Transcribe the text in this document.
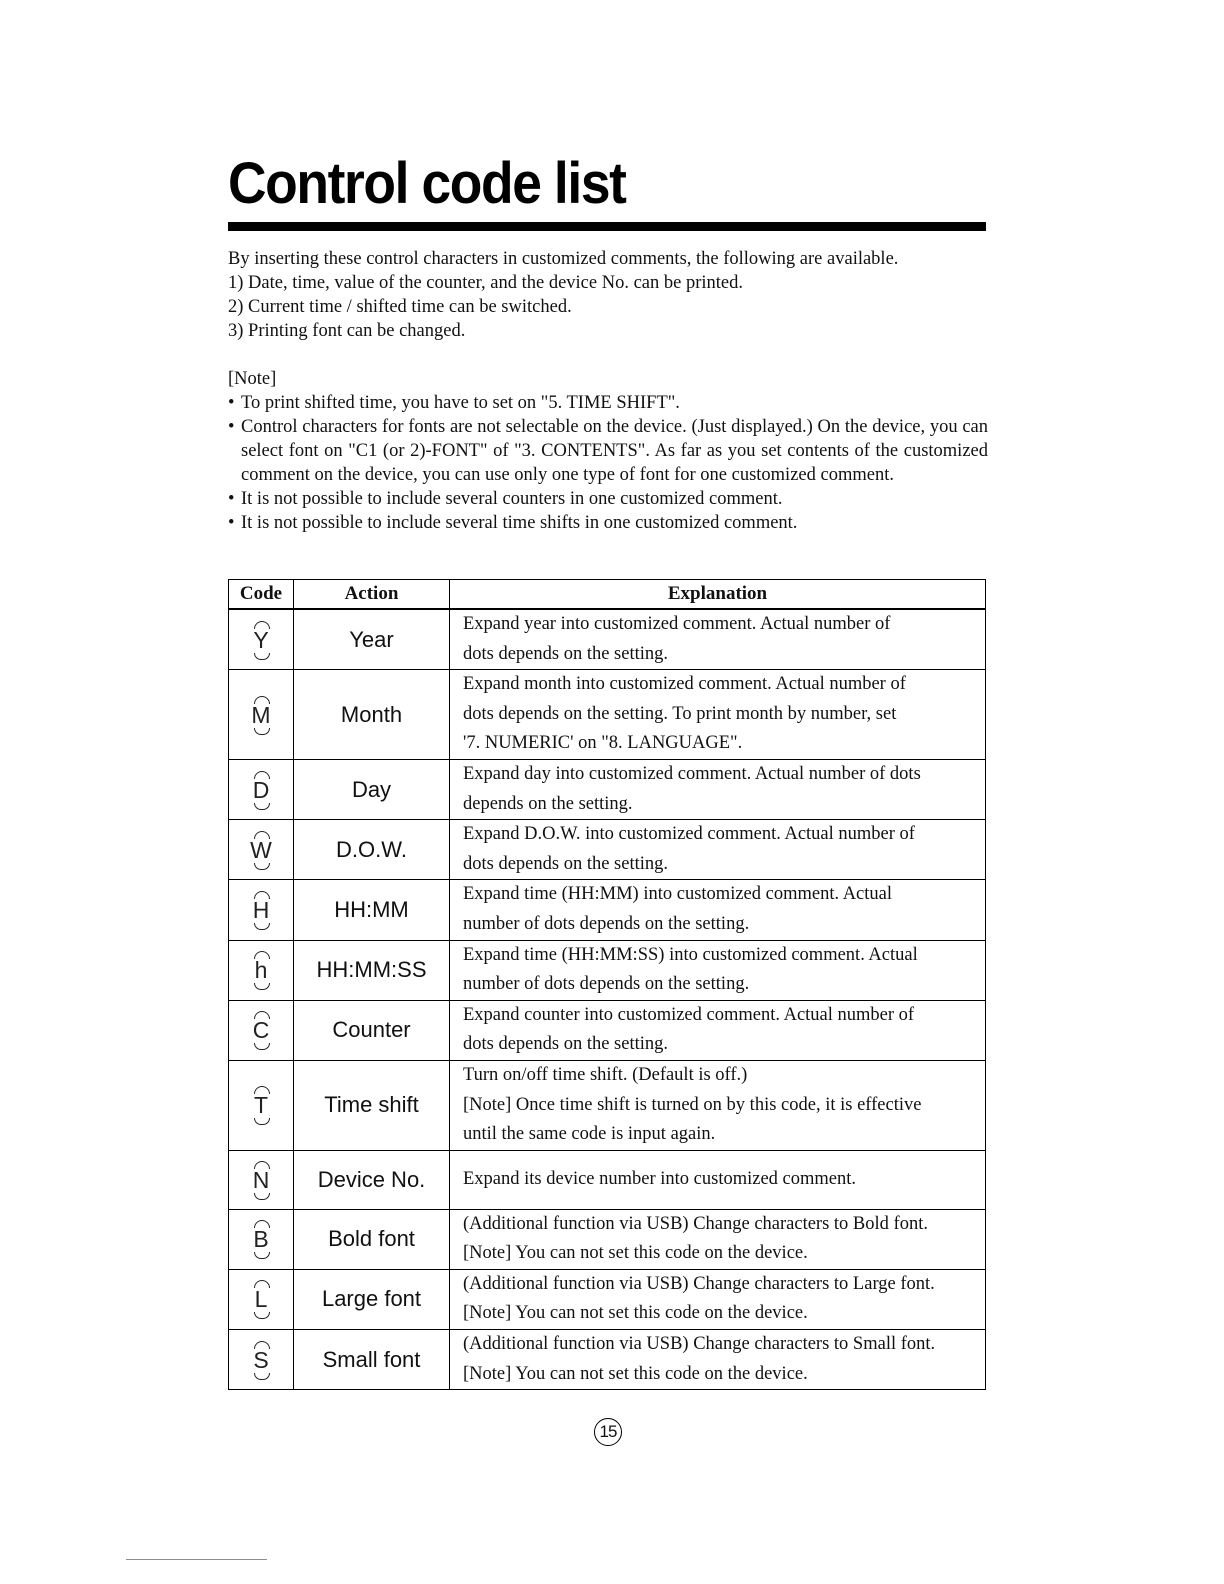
Control code list

By inserting these control characters in customized comments, the following are available.

1) Date, time, value of the counter, and the device No. can be printed.

2) Current time / shifted time can be switched.

3) Printing font can be changed.

[Note]

• To print shifted time, you have to set on "5. TIME SHIFT".

• Control characters for fonts are not selectable on the device. (Just displayed.) On the device, you can select font on "C1 (or 2)-FONT" of "3. CONTENTS". As far as you set contents of the customized comment on the device, you can use only one type of font for one customized comment.

• It is not possible to include several counters in one customized comment.

• It is not possible to include several time shifts in one customized comment.

Code	Action	Explanation
Y	Year	Expand year into customized comment. Actual number of
dots depends on the setting.

M	Month	Expand month into customized comment. Actual number of
dots depends on the setting. To print month by number, set
'7. NUMERIC' on "8. LANGUAGE".

D	Day	Expand day into customized comment. Actual number of dots
depends on the setting.

W	D.O.W.	Expand D.O.W. into customized comment. Actual number of
dots depends on the setting.

H	HH:MM	Expand time (HH:MM) into customized comment. Actual
number of dots depends on the setting.

h	HH:MM:SS	Expand time (HH:MM:SS) into customized comment. Actual
number of dots depends on the setting.

C	Counter	Expand counter into customized comment. Actual number of
dots depends on the setting.

T	Time shift	Turn on/off time shift. (Default is off.)
[Note] Once time shift is turned on by this code, it is effective
until the same code is input again.

N	Device No.	Expand its device number into customized comment.

B	Bold font	(Additional function via USB) Change characters to Bold font.
[Note] You can not set this code on the device.

L	Large font	(Additional function via USB) Change characters to Large font.
[Note] You can not set this code on the device.

S	Small font	(Additional function via USB) Change characters to Small font.
[Note] You can not set this code on the device.
15
